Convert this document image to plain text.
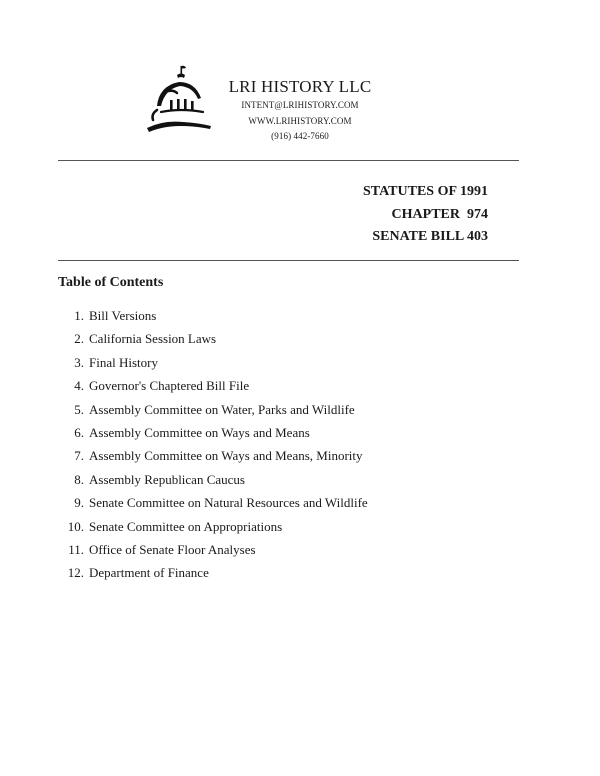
LRI HISTORY LLC
INTENT@LRIHISTORY.COM
WWW.LRIHISTORY.COM
(916) 442-7660
STATUTES OF 1991
CHAPTER  974
SENATE BILL 403
Table of Contents
1. Bill Versions
2. California Session Laws
3. Final History
4. Governor's Chaptered Bill File
5. Assembly Committee on Water, Parks and Wildlife
6. Assembly Committee on Ways and Means
7. Assembly Committee on Ways and Means, Minority
8. Assembly Republican Caucus
9. Senate Committee on Natural Resources and Wildlife
10. Senate Committee on Appropriations
11. Office of Senate Floor Analyses
12. Department of Finance
